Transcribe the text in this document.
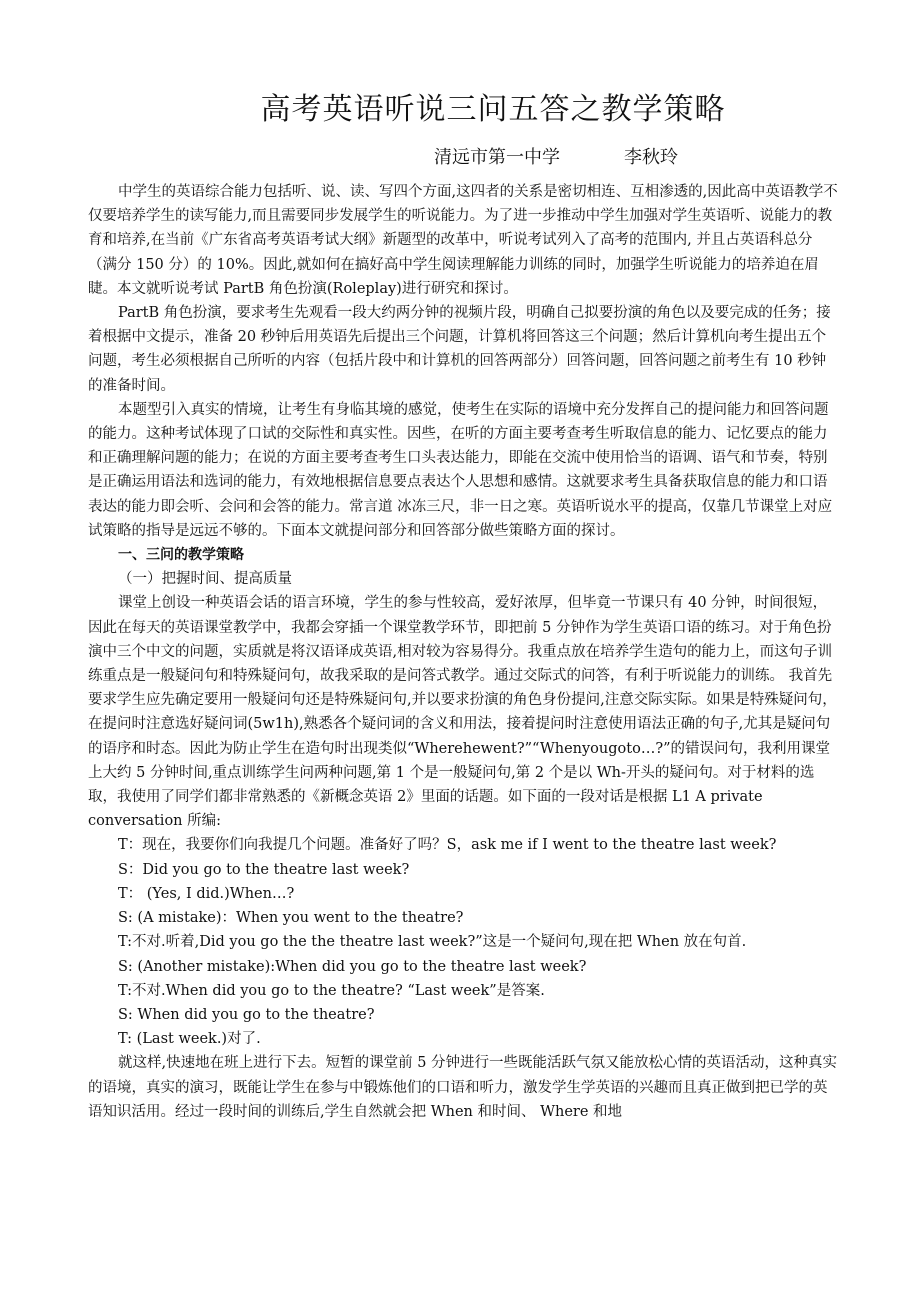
高考英语听说三问五答之教学策略
清远市第一中学	李秋玲

中学生的英语综合能力包括听、说、读、写四个方面,这四者的关系是密切相连、互相渗透的,因此高中英语教学不仅要培养学生的读写能力,而且需要同步发展学生的听说能力。为了进一步推动中学生加强对学生英语听、说能力的教育和培养,在当前《广东省高考英语考试大纲》新题型的改革中，听说考试列入了高考的范围内, 并且占英语科总分（满分 150 分）的 10%。因此,就如何在搞好高中学生阅读理解能力训练的同时，加强学生听说能力的培养迫在眉睫。本文就听说考试 PartB 角色扮演(Roleplay)进行研究和探讨。

PartB 角色扮演，要求考生先观看一段大约两分钟的视频片段，明确自己拟要扮演的角色以及要完成的任务；接着根据中文提示，准备 20 秒钟后用英语先后提出三个问题，计算机将回答这三个问题；然后计算机向考生提出五个问题，考生必须根据自己所听的内容（包括片段中和计算机的回答两部分）回答问题，回答问题之前考生有 10 秒钟的准备时间。

本题型引入真实的情境，让考生有身临其境的感觉，使考生在实际的语境中充分发挥自己的提问能力和回答问题的能力。这种考试体现了口试的交际性和真实性。因些，在听的方面主要考查考生听取信息的能力、记忆要点的能力和正确理解问题的能力；在说的方面主要考查考生口头表达能力，即能在交流中使用恰当的语调、语气和节奏，特别是正确运用语法和选词的能力，有效地根据信息要点表达个人思想和感情。这就要求考生具备获取信息的能力和口语表达的能力即会听、会问和会答的能力。常言道 冰冻三尺，非一日之寒。英语听说水平的提高，仅靠几节课堂上对应试策略的指导是远远不够的。下面本文就提问部分和回答部分做些策略方面的探讨。

一、三问的教学策略

（一）把握时间、提高质量

课堂上创设一种英语会话的语言环境，学生的参与性较高，爱好浓厚，但毕竟一节课只有 40 分钟，时间很短，因此在每天的英语课堂教学中，我都会穿插一个课堂教学环节，即把前 5 分钟作为学生英语口语的练习。对于角色扮演中三个中文的问题，实质就是将汉语译成英语,相对较为容易得分。我重点放在培养学生造句的能力上，而这句子训练重点是一般疑问句和特殊疑问句，故我采取的是问答式教学。通过交际式的问答，有利于听说能力的训练。 我首先要求学生应先确定要用一般疑问句还是特殊疑问句,并以要求扮演的角色身份提问,注意交际实际。如果是特殊疑问句，在提问时注意选好疑问词(5w1h),熟悉各个疑问词的含义和用法，接着提问时注意使用语法正确的句子,尤其是疑问句的语序和时态。因此为防止学生在造句时出现类似“Wherehewent?”“Whenyougoto…?”的错误问句，我利用课堂上大约 5 分钟时间,重点训练学生问两种问题,第 1 个是一般疑问句,第 2 个是以 Wh-开头的疑问句。对于材料的选取，我使用了同学们都非常熟悉的《新概念英语 2》里面的话题。如下面的一段对话是根据 L1 A private conversation 所编:

T：现在，我要你们向我提几个问题。准备好了吗？S，ask me if I went to the theatre last week?

S：Did you go to the theatre last week?

T： (Yes, I did.)When…?

S: (A mistake)：When you went to the theatre?

T:不对.听着,Did you go the the theatre last week?”这是一个疑问句,现在把 When 放在句首.

S: (Another mistake):When did you go to the theatre last week?

T:不对.When did you go to the theatre? “Last week”是答案.

S: When did you go to the theatre?

T: (Last week.)对了.

就这样,快速地在班上进行下去。短暂的课堂前 5 分钟进行一些既能活跃气氛又能放松心情的英语活动，这种真实的语境，真实的演习，既能让学生在参与中锻炼他们的口语和听力，激发学生学英语的兴趣而且真正做到把已学的英语知识活用。经过一段时间的训练后,学生自然就会把 When 和时间、 Where 和地
